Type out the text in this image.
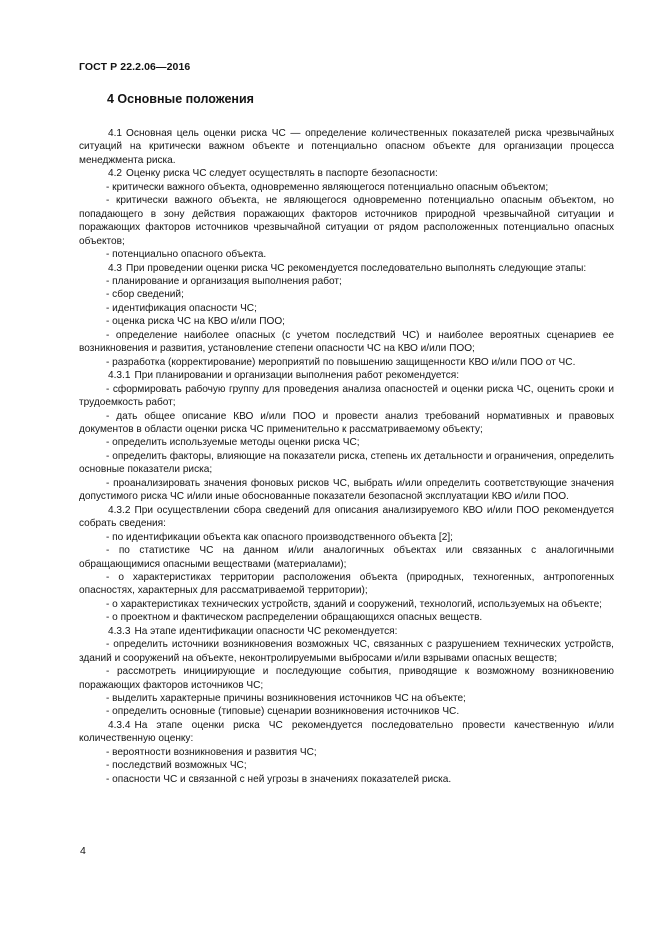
ГОСТ Р 22.2.06—2016
4 Основные положения

4.1 Основная цель оценки риска ЧС — определение количественных показателей риска чрезвычайных ситуаций на критически важном объекте и потенциально опасном объекте для организации процесса менеджмента риска.

4.2 Оценку риска ЧС следует осуществлять в паспорте безопасности:

- критически важного объекта, одновременно являющегося потенциально опасным объектом;

- критически важного объекта, не являющегося одновременно потенциально опасным объектом, но попадающего в зону действия поражающих факторов источников природной чрезвычайной ситуации и поражающих факторов источников чрезвычайной ситуации от рядом расположенных потенциально опасных объектов;

- потенциально опасного объекта.

4.3 При проведении оценки риска ЧС рекомендуется последовательно выполнять следующие этапы:

- планирование и организация выполнения работ;

- сбор сведений;

- идентификация опасности ЧС;

- оценка риска ЧС на КВО и/или ПОО;

- определение наиболее опасных (с учетом последствий ЧС) и наиболее вероятных сценариев ее возникновения и развития, установление степени опасности ЧС на КВО и/или ПОО;

- разработка (корректирование) мероприятий по повышению защищенности КВО и/или ПОО от ЧС.

4.3.1 При планировании и организации выполнения работ рекомендуется:

- сформировать рабочую группу для проведения анализа опасностей и оценки риска ЧС, оценить сроки и трудоемкость работ;

- дать общее описание КВО и/или ПОО и провести анализ требований нормативных и правовых документов в области оценки риска ЧС применительно к рассматриваемому объекту;

- определить используемые методы оценки риска ЧС;

- определить факторы, влияющие на показатели риска, степень их детальности и ограничения, определить основные показатели риска;

- проанализировать значения фоновых рисков ЧС, выбрать и/или определить соответствующие значения допустимого риска ЧС и/или иные обоснованные показатели безопасной эксплуатации КВО и/или ПОО.

4.3.2 При осуществлении сбора сведений для описания анализируемого КВО и/или ПОО рекомендуется собрать сведения:

- по идентификации объекта как опасного производственного объекта [2];

- по статистике ЧС на данном и/или аналогичных объектах или связанных с аналогичными обращающимися опасными веществами (материалами);

- о характеристиках территории расположения объекта (природных, техногенных, антропогенных опасностях, характерных для рассматриваемой территории);

- о характеристиках технических устройств, зданий и сооружений, технологий, используемых на объекте;

- о проектном и фактическом распределении обращающихся опасных веществ.

4.3.3 На этапе идентификации опасности ЧС рекомендуется:

- определить источники возникновения возможных ЧС, связанных с разрушением технических устройств, зданий и сооружений на объекте, неконтролируемыми выбросами и/или взрывами опасных веществ;

- рассмотреть инициирующие и последующие события, приводящие к возможному возникновению поражающих факторов источников ЧС;

- выделить характерные причины возникновения источников ЧС на объекте;

- определить основные (типовые) сценарии возникновения источников ЧС.

4.3.4 На этапе оценки риска ЧС рекомендуется последовательно провести качественную и/или количественную оценку:

- вероятности возникновения и развития ЧС;

- последствий возможных ЧС;

- опасности ЧС и связанной с ней угрозы в значениях показателей риска.

4
